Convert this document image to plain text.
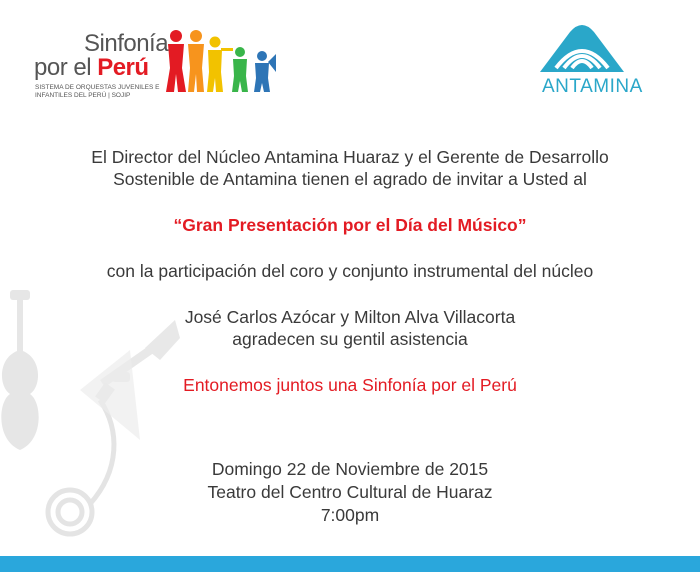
Sinfonía
por el Perú
SISTEMA DE ORQUESTAS JUVENILES E
INFANTILES DEL PERÚ | SOJIP	ANTAMINA
El Director del Núcleo Antamina Huaraz y el Gerente de Desarrollo
Sostenible de Antamina tienen el agrado de invitar a Usted al
“Gran Presentación por el Día del Músico”
con la participación del coro y conjunto instrumental del núcleo
José Carlos Azócar y Milton Alva Villacorta
agradecen su gentil asistencia
Entonemos juntos una Sinfonía por el Perú
Domingo 22 de Noviembre de 2015
Teatro del Centro Cultural de Huaraz
7:00pm
